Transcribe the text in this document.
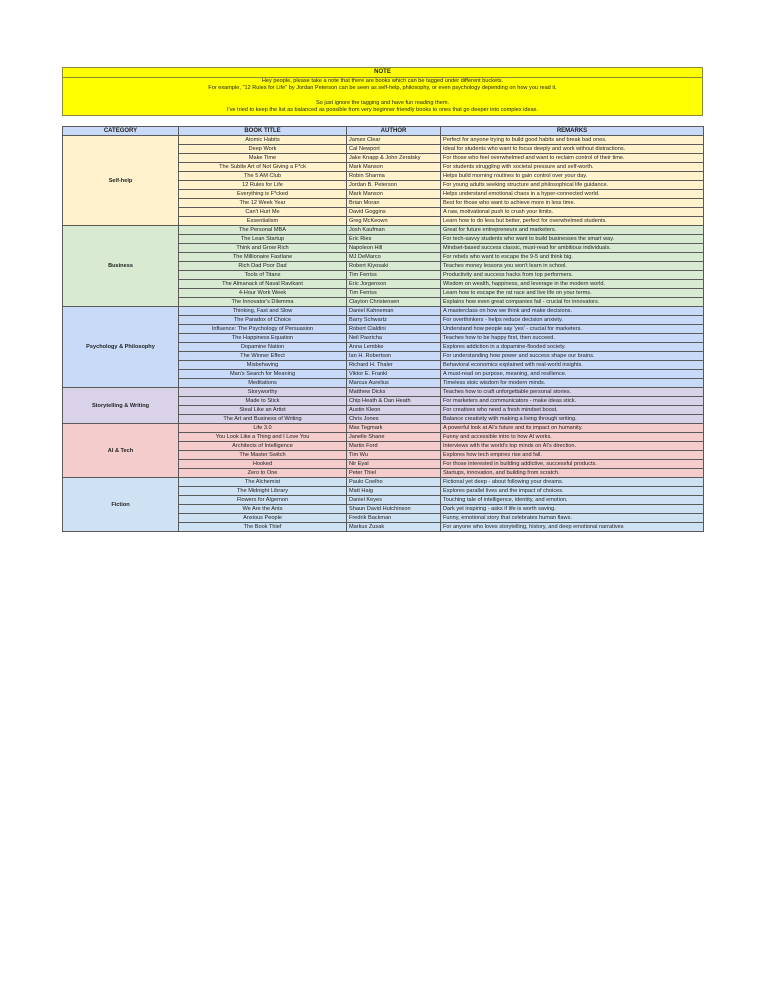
NOTE
Hey people, please take a note that there are books which can be tagged under different buckets.
For example, "12 Rules for Life" by Jordan Peterson can be seen as self-help, philosophy, or even psychology depending on how you read it.
So just ignore the tagging and have fun reading them.
I've tried to keep the list as balanced as possible from very beginner friendly books to ones that go deeper into complex ideas.
CATEGORY	BOOK TITLE	AUTHOR	REMARKS
Self-help	Atomic Habits	James Clear	Perfect for anyone trying to build good habits and break bad ones.
	Deep Work	Cal Newport	Ideal for students who want to focus deeply and work without distractions.
	Make Time	Jake Knapp & John Zeratsky	For those who feel overwhelmed and want to reclaim control of their time.
	The Subtle Art of Not Giving a F*ck	Mark Manson	For students struggling with societal pressure and self-worth.
	The 5 AM Club	Robin Sharma	Helps build morning routines to gain control over your day.
	12 Rules for Life	Jordan B. Peterson	For young adults seeking structure and philosophical life guidance.
	Everything is F*cked	Mark Manson	Helps understand emotional chaos in a hyper-connected world.
	The 12 Week Year	Brian Moran	Best for those who want to achieve more in less time.
	Can't Hurt Me	David Goggins	A raw, motivational push to crush your limits.
	Essentialism	Greg McKeown	Learn how to do less but better, perfect for overwhelmed students.
Business	The Personal MBA	Josh Kaufman	Great for future entrepreneurs and marketers.
	The Lean Startup	Eric Ries	For tech-savvy students who want to build businesses the smart way.
	Think and Grow Rich	Napoleon Hill	Mindset-based success classic, must-read for ambitious individuals.
	The Millionaire Fastlane	MJ DeMarco	For rebels who want to escape the 9-5 and think big.
	Rich Dad Poor Dad	Robert Kiyosaki	Teaches money lessons you won't learn in school.
	Tools of Titans	Tim Ferriss	Productivity and success hacks from top performers.
	The Almanack of Naval Ravikant	Eric Jorgenson	Wisdom on wealth, happiness, and leverage in the modern world.
	4-Hour Work Week	Tim Ferriss	Learn how to escape the rat race and live life on your terms.
	The Innovator's Dilemma	Clayton Christensen	Explains how even great companies fail - crucial for innovators.
Psychology & Philosophy	Thinking, Fast and Slow	Daniel Kahneman	A masterclass on how we think and make decisions.
	The Paradox of Choice	Barry Schwartz	For overthinkers - helps reduce decision anxiety.
	Influence: The Psychology of Persuasion	Robert Cialdini	Understand how people say 'yes' - crucial for marketers.
	The Happiness Equation	Neil Pasricha	Teaches how to be happy first, then succeed.
	Dopamine Nation	Anna Lembke	Explores addiction in a dopamine-flooded society.
	The Winner Effect	Ian H. Robertson	For understanding how power and success shape our brains.
	Misbehaving	Richard H. Thaler	Behavioral economics explained with real-world insights.
	Man's Search for Meaning	Viktor E. Frankl	A must-read on purpose, meaning, and resilience.
	Meditations	Marcus Aurelius	Timeless stoic wisdom for modern minds.
Storytelling & Writing	Storyworthy	Matthew Dicks	Teaches how to craft unforgettable personal stories.
	Made to Stick	Chip Heath & Dan Heath	For marketers and communicators - make ideas stick.
	Steal Like an Artist	Austin Kleon	For creatives who need a fresh mindset boost.
	The Art and Business of Writing	Chris Jones	Balance creativity with making a living through writing.
AI & Tech	Life 3.0	Max Tegmark	A powerful look at AI's future and its impact on humanity.
	You Look Like a Thing and I Love You	Janelle Shane	Funny and accessible intro to how AI works.
	Architects of Intelligence	Martin Ford	Interviews with the world's top minds on AI's direction.
	The Master Switch	Tim Wu	Explores how tech empires rise and fall.
	Hooked	Nir Eyal	For those interested in building addictive, successful products.
	Zero to One	Peter Thiel	Startups, innovation, and building from scratch.
Fiction	The Alchemist	Paulo Coelho	Fictional yet deep - about following your dreams.
	The Midnight Library	Matt Haig	Explores parallel lives and the impact of choices.
	Flowers for Algernon	Daniel Keyes	Touching tale of intelligence, identity, and emotion.
	We Are the Ants	Shaun David Hutchinson	Dark yet inspiring - asks if life is worth saving.
	Anxious People	Fredrik Backman	Funny, emotional story that celebrates human flaws.
	The Book Thief	Markus Zusak	For anyone who loves storytelling, history, and deep emotional narratives
